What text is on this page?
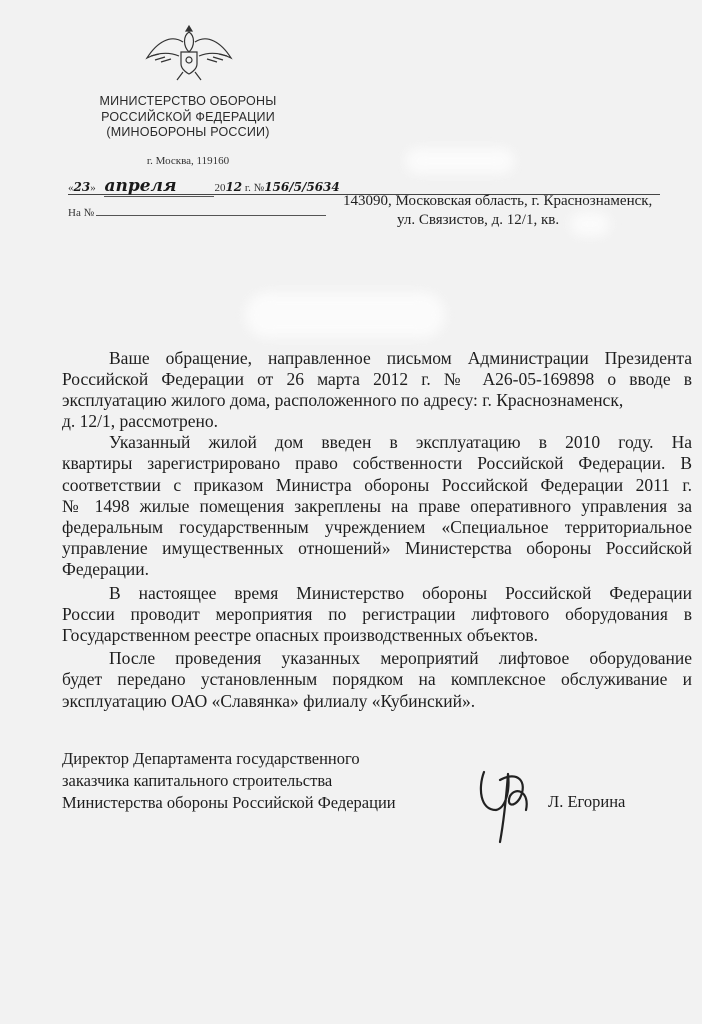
МИНИСТЕРСТВО ОБОРОНЫ
РОССИЙСКОЙ ФЕДЕРАЦИИ
(МИНОБОРОНЫ РОССИИ)
г. Москва, 119160
«23» апреля	2012 г. №156/5/5634
На №
143090, Московская область, г. Краснознаменск,
ул. Связистов, д. 12/1, кв.
Ваше обращение, направленное письмом Администрации Президента
Российской Федерации от 26 марта 2012 г. № А26-05-169898 о вводе в
эксплуатацию жилого дома, расположенного по адресу: г. Краснознаменск,
д. 12/1, рассмотрено.
Указанный жилой дом введен в эксплуатацию в 2010 году. На
квартиры зарегистрировано право собственности Российской Федерации. В
соответствии с приказом Министра обороны Российской Федерации 2011 г.
№ 1498 жилые помещения закреплены на праве оперативного управления за
федеральным государственным учреждением «Специальное территориальное
управление имущественных отношений» Министерства обороны Российской
Федерации.
В настоящее время Министерство обороны Российской Федерации
России проводит мероприятия по регистрации лифтового оборудования в
Государственном реестре опасных производственных объектов.
После проведения указанных мероприятий лифтовое оборудование
будет передано установленным порядком на комплексное обслуживание и
эксплуатацию ОАО «Славянка» филиалу «Кубинский».
Директор Департамента государственного
заказчика капитального строительства
Министерства обороны Российской Федерации	Л. Егорина
